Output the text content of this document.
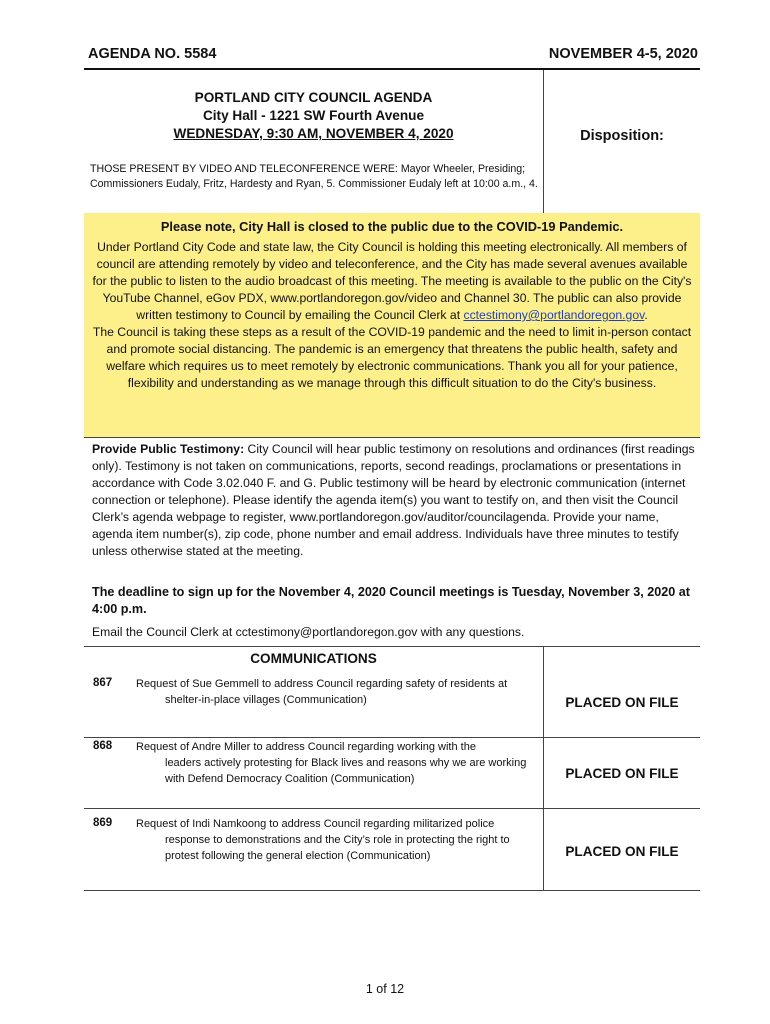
AGENDA NO. 5584	NOVEMBER 4-5, 2020
PORTLAND CITY COUNCIL AGENDA
City Hall - 1221 SW Fourth Avenue
WEDNESDAY, 9:30 AM, NOVEMBER 4, 2020	Disposition:
THOSE PRESENT BY VIDEO AND TELECONFERENCE WERE: Mayor Wheeler, Presiding; Commissioners Eudaly, Fritz, Hardesty and Ryan, 5. Commissioner Eudaly left at 10:00 a.m., 4.
Please note, City Hall is closed to the public due to the COVID-19 Pandemic.

Under Portland City Code and state law, the City Council is holding this meeting electronically. All members of council are attending remotely by video and teleconference, and the City has made several avenues available for the public to listen to the audio broadcast of this meeting. The meeting is available to the public on the City's YouTube Channel, eGov PDX, www.portlandoregon.gov/video and Channel 30. The public can also provide written testimony to Council by emailing the Council Clerk at cctestimony@portlandoregon.gov.

The Council is taking these steps as a result of the COVID-19 pandemic and the need to limit in-person contact and promote social distancing. The pandemic is an emergency that threatens the public health, safety and welfare which requires us to meet remotely by electronic communications. Thank you all for your patience, flexibility and understanding as we manage through this difficult situation to do the City's business.

Provide Public Testimony: City Council will hear public testimony on resolutions and ordinances (first readings only). Testimony is not taken on communications, reports, second readings, proclamations or presentations in accordance with Code 3.02.040 F. and G. Public testimony will be heard by electronic communication (internet connection or telephone). Please identify the agenda item(s) you want to testify on, and then visit the Council Clerk’s agenda webpage to register, www.portlandoregon.gov/auditor/councilagenda. Provide your name, agenda item number(s), zip code, phone number and email address. Individuals have three minutes to testify unless otherwise stated at the meeting.
The deadline to sign up for the November 4, 2020 Council meetings is Tuesday, November 3, 2020 at 4:00 p.m.
Email the Council Clerk at cctestimony@portlandoregon.gov with any questions.
COMMUNICATIONS
867 Request of Sue Gemmell to address Council regarding safety of residents at
shelter-in-place villages (Communication)	PLACED ON FILE
868 Request of Andre Miller to address Council regarding working with the
leaders actively protesting for Black lives and reasons why we are working with Defend Democracy Coalition (Communication)	PLACED ON FILE
869 Request of Indi Namkoong to address Council regarding militarized police
response to demonstrations and the City’s role in protecting the right to protest following the general election (Communication)	PLACED ON FILE
1 of 12
